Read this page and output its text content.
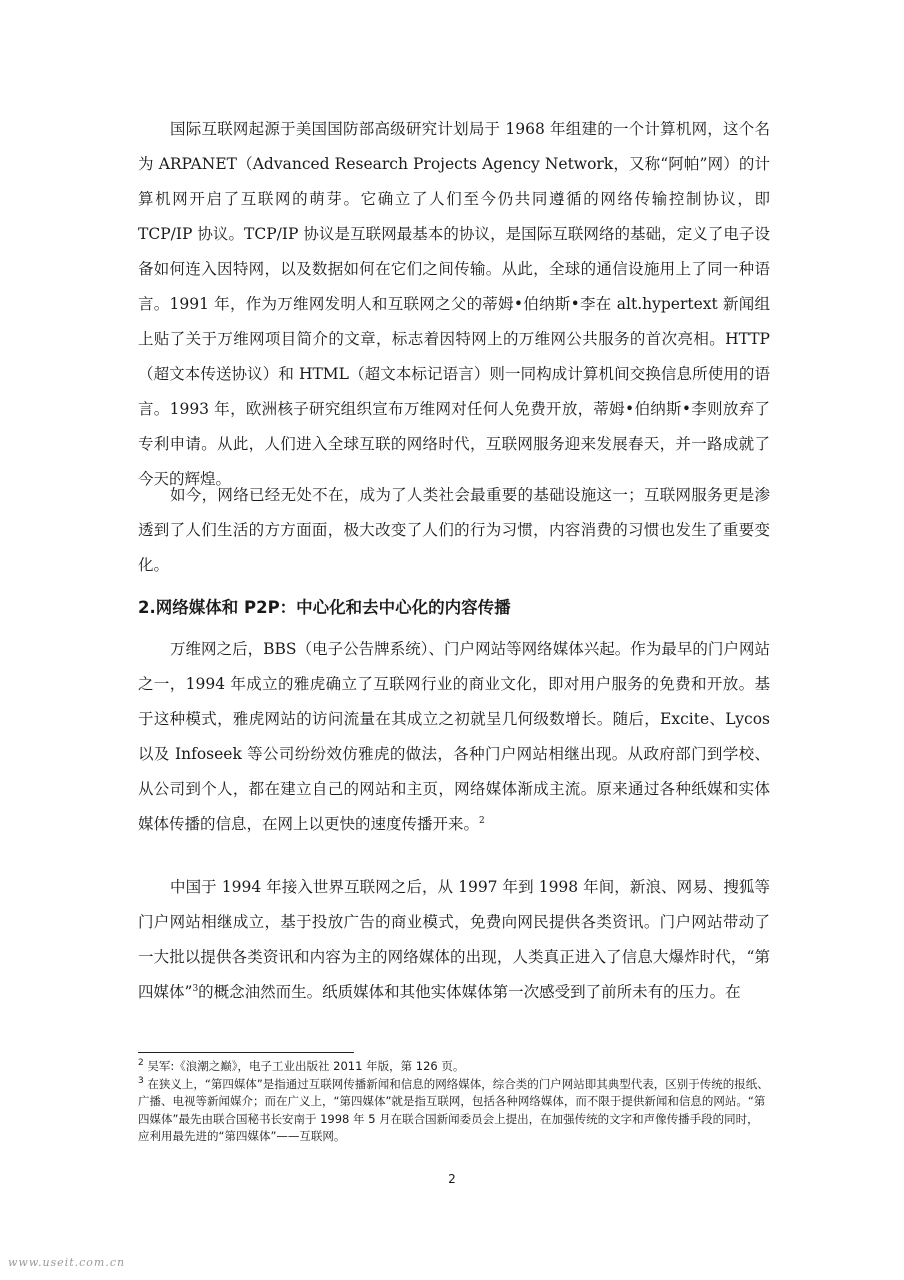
国际互联网起源于美国国防部高级研究计划局于 1968 年组建的一个计算机网，这个名为 ARPANET（Advanced Research Projects Agency Network，又称“阿帕”网）的计算机网开启了互联网的萌芽。它确立了人们至今仍共同遵循的网络传输控制协议，即 TCP/IP 协议。TCP/IP 协议是互联网最基本的协议，是国际互联网络的基础，定义了电子设备如何连入因特网，以及数据如何在它们之间传输。从此，全球的通信设施用上了同一种语言。1991 年，作为万维网发明人和互联网之父的蒂姆•伯纳斯•李在 alt.hypertext 新闻组上贴了关于万维网项目简介的文章，标志着因特网上的万维网公共服务的首次亮相。HTTP（超文本传送协议）和 HTML（超文本标记语言）则一同构成计算机间交换信息所使用的语言。1993 年，欧洲核子研究组织宣布万维网对任何人免费开放，蒂姆•伯纳斯•李则放弃了专利申请。从此，人们进入全球互联的网络时代，互联网服务迎来发展春天，并一路成就了今天的辉煌。

如今，网络已经无处不在，成为了人类社会最重要的基础设施这一；互联网服务更是渗透到了人们生活的方方面面，极大改变了人们的行为习惯，内容消费的习惯也发生了重要变化。

2.网络媒体和 P2P：中心化和去中心化的内容传播

万维网之后，BBS（电子公告牌系统）、门户网站等网络媒体兴起。作为最早的门户网站之一，1994 年成立的雅虎确立了互联网行业的商业文化，即对用户服务的免费和开放。基于这种模式，雅虎网站的访问流量在其成立之初就呈几何级数增长。随后，Excite、Lycos 以及 Infoseek 等公司纷纷效仿雅虎的做法，各种门户网站相继出现。从政府部门到学校、从公司到个人，都在建立自己的网站和主页，网络媒体渐成主流。原来通过各种纸媒和实体媒体传播的信息，在网上以更快的速度传播开来。$^2$

中国于 1994 年接入世界互联网之后，从 1997 年到 1998 年间，新浪、网易、搜狐等门户网站相继成立，基于投放广告的商业模式，免费向网民提供各类资讯。门户网站带动了一大批以提供各类资讯和内容为主的网络媒体的出现，人类真正进入了信息大爆炸时代，“第四媒体”$^3$的概念油然而生。纸质媒体和其他实体媒体第一次感受到了前所未有的压力。在

$^2$ 吴军:《浪潮之巅》，电子工业出版社 2011 年版，第 126 页。

$^3$ 在狭义上，“第四媒体”是指通过互联网传播新闻和信息的网络媒体，综合类的门户网站即其典型代表，区别于传统的报纸、广播、电视等新闻媒介；而在广义上，“第四媒体”就是指互联网，包括各种网络媒体，而不限于提供新闻和信息的网站。“第四媒体”最先由联合国秘书长安南于 1998 年 5 月在联合国新闻委员会上提出，在加强传统的文字和声像传播手段的同时，应利用最先进的“第四媒体”——互联网。

2
www.useit.com.cn
